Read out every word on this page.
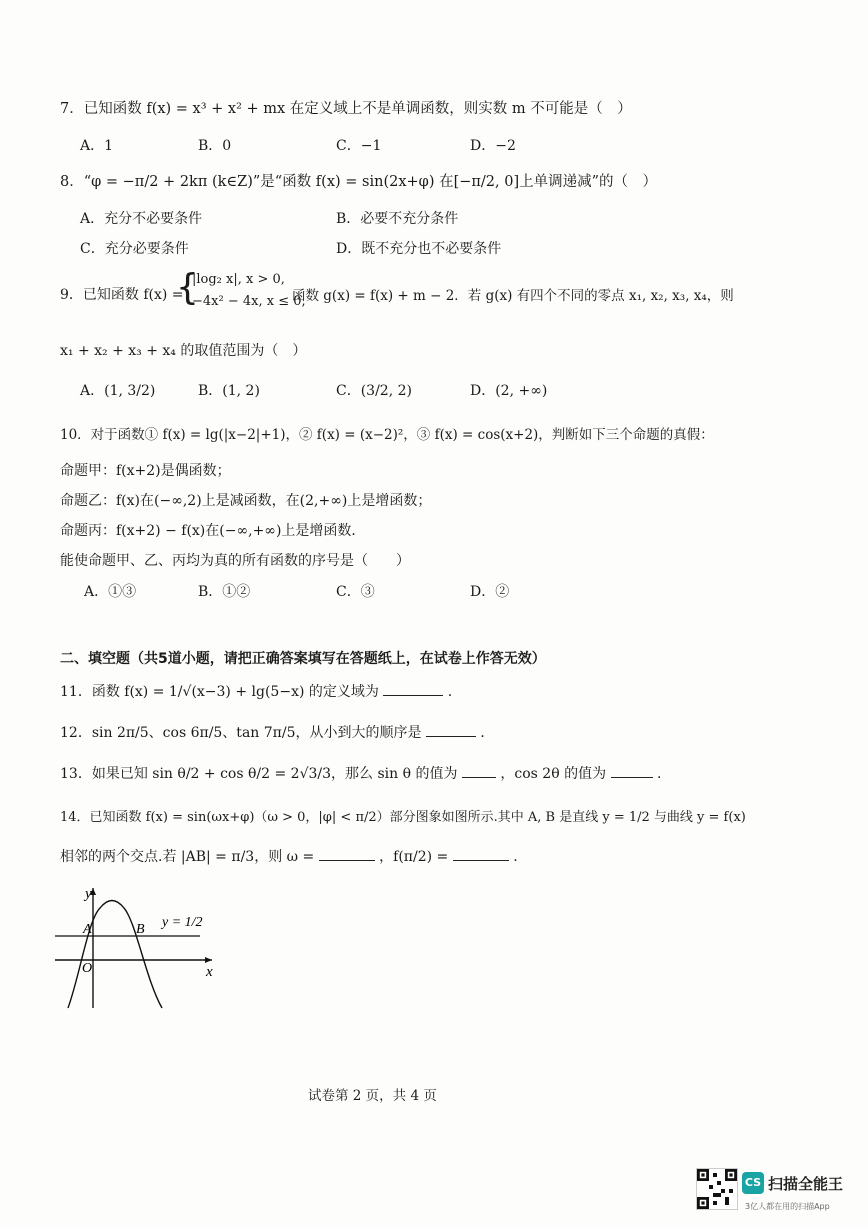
7．已知函数 f(x) = x³ + x² + mx 在定义域上不是单调函数，则实数 m 不可能是（　）
A．1	B．0	C．−1	D．−2
8．“φ = −π/2 + 2kπ (k∈Z)”是“函数 f(x) = sin(2x+φ) 在[−π/2, 0]上单调递减”的（　）
A．充分不必要条件	B．必要不充分条件
C．充分必要条件	D．既不充分也不必要条件
9．已知函数 f(x) =
{
|log₂ x|, x > 0,
−4x² − 4x, x ≤ 0,
函数 g(x) = f(x) + m − 2．若 g(x) 有四个不同的零点 x₁, x₂, x₃, x₄，则
x₁ + x₂ + x₃ + x₄ 的取值范围为（　）
A．(1, 3/2)	B．(1, 2)	C．(3/2, 2)	D．(2, +∞)
10．对于函数① f(x) = lg(|x−2|+1)，② f(x) = (x−2)²，③ f(x) = cos(x+2)，判断如下三个命题的真假：
命题甲：f(x+2)是偶函数；
命题乙：f(x)在(−∞,2)上是减函数，在(2,+∞)上是增函数；
命题丙：f(x+2) − f(x)在(−∞,+∞)上是增函数．
能使命题甲、乙、丙均为真的所有函数的序号是（　　）
A．①③	B．①②	C．③	D．②
二、填空题（共5道小题，请把正确答案填写在答题纸上，在试卷上作答无效）
11．函数 f(x) = 1/√(x−3) + lg(5−x) 的定义域为	.
12．sin 2π/5、cos 6π/5、tan 7π/5，从小到大的顺序是	．
13．如果已知 sin θ/2 + cos θ/2 = 2√3/3，那么 sin θ 的值为	，cos 2θ 的值为	.
14．已知函数 f(x) = sin(ωx+φ)（ω > 0，|φ| < π/2）部分图象如图所示.其中 A, B 是直线 y = 1/2 与曲线 y = f(x)
相邻的两个交点.若 |AB| = π/3，则 ω =	，f(π/2) =	.
y
x
O
A	B y = 1/2
试卷第 2 页，共 4 页
CS 扫描全能王
3亿人都在用的扫描App
